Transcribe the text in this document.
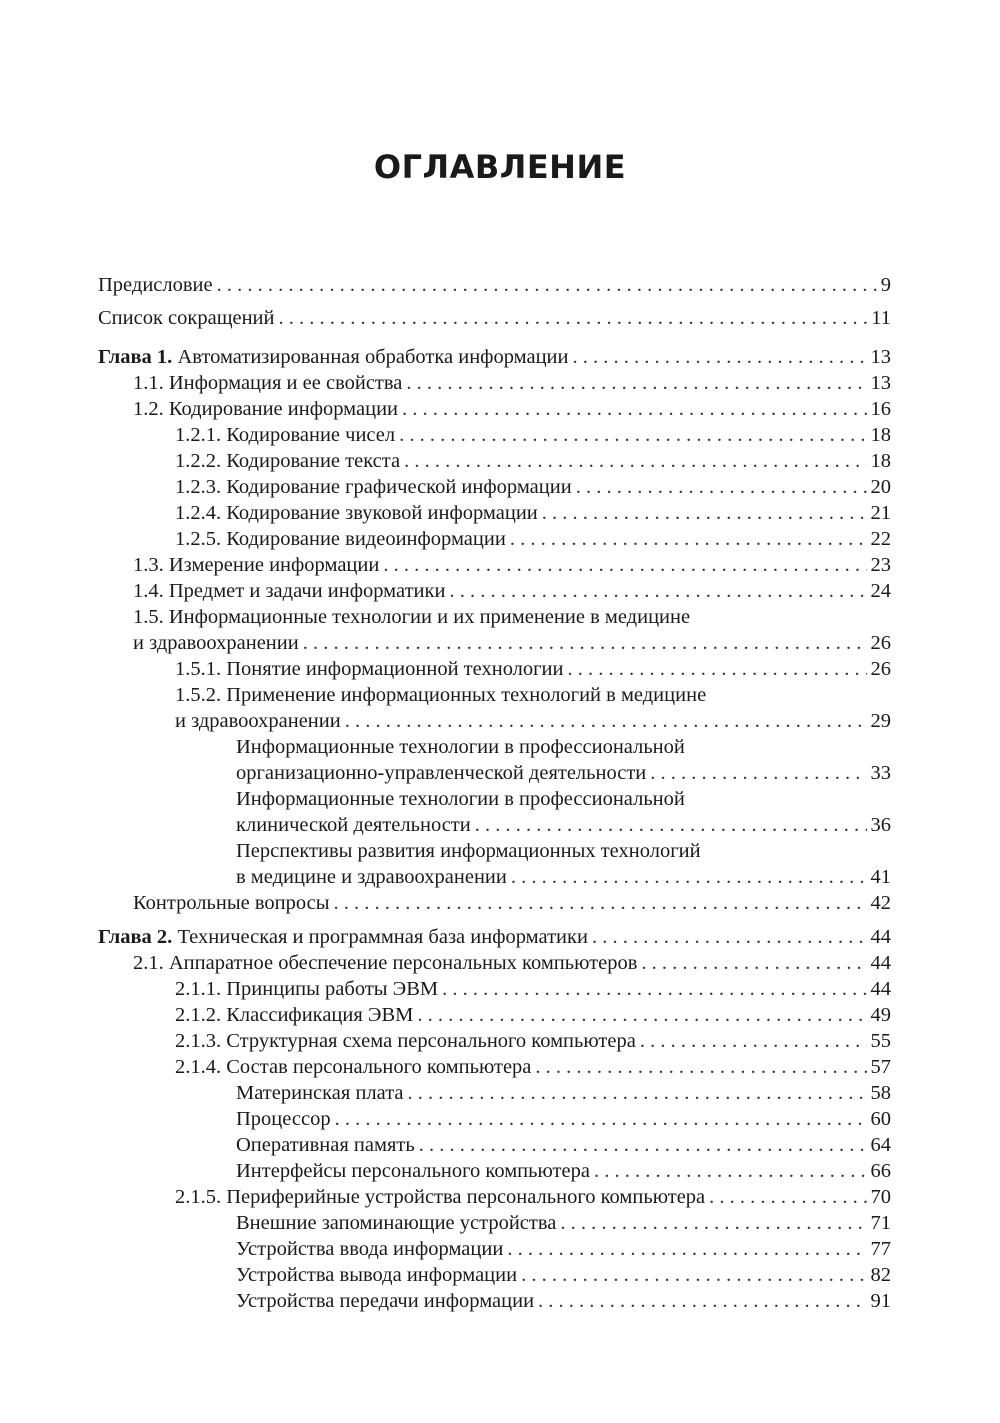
ОГЛАВЛЕНИЕ
Предисловие . . .	9
Список сокращений . . .	11
Глава 1. Автоматизированная обработка информации . . .	13
1.1. Информация и ее свойства . . .	13
1.2. Кодирование информации . . .	16
1.2.1. Кодирование чисел . . .	18
1.2.2. Кодирование текста . . .	18
1.2.3. Кодирование графической информации . . .	20
1.2.4. Кодирование звуковой информации . . .	21
1.2.5. Кодирование видеоинформации . . .	22
1.3. Измерение информации . . .	23
1.4. Предмет и задачи информатики . . .	24
1.5. Информационные технологии и их применение в медицине
и здравоохранении . . .	26
1.5.1. Понятие информационной технологии . . .	26
1.5.2. Применение информационных технологий в медицине
и здравоохранении . . .	29
Информационные технологии в профессиональной
организационно-управленческой деятельности . . .	33
Информационные технологии в профессиональной
клинической деятельности . . .	36
Перспективы развития информационных технологий
в медицине и здравоохранении . . .	41
Контрольные вопросы . . .	42
Глава 2. Техническая и программная база информатики . . .	44
2.1. Аппаратное обеспечение персональных компьютеров . . .	44
2.1.1. Принципы работы ЭВМ . . .	44
2.1.2. Классификация ЭВМ . . .	49
2.1.3. Структурная схема персонального компьютера . . .	55
2.1.4. Состав персонального компьютера . . .	57
Материнская плата . . .	58
Процессор . . .	60
Оперативная память . . .	64
Интерфейсы персонального компьютера . . .	66
2.1.5. Периферийные устройства персонального компьютера . . .	70
Внешние запоминающие устройства . . .	71
Устройства ввода информации . . .	77
Устройства вывода информации . . .	82
Устройства передачи информации . . .	91
